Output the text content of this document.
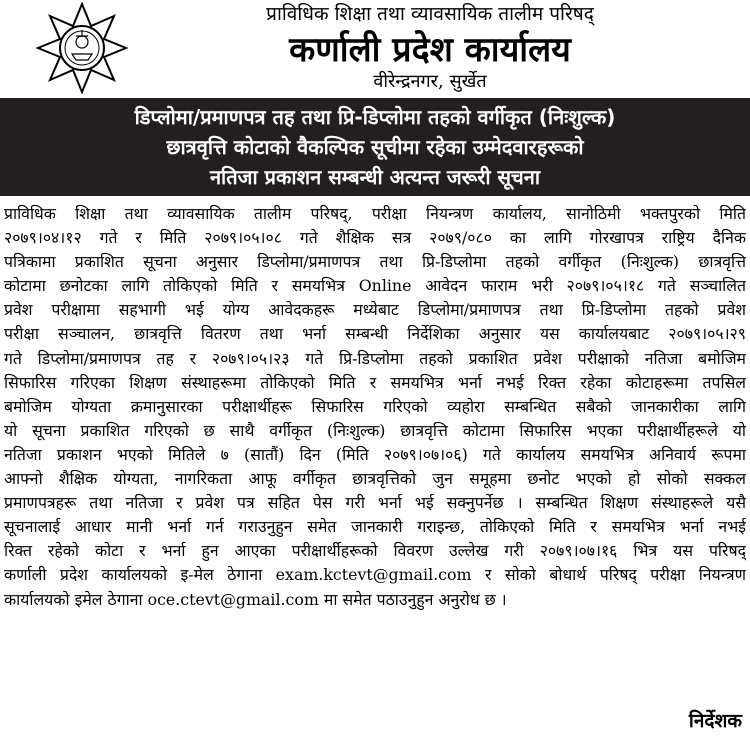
प्राविधिक शिक्षा तथा व्यावसायिक तालीम परिषद्
कर्णाली प्रदेश कार्यालय
वीरेन्द्रनगर, सुर्खेत
डिप्लोमा/प्रमाणपत्र तह तथा प्रि-डिप्लोमा तहको वर्गीकृत (निःशुल्क)
छात्रवृत्ति कोटाको वैकल्पिक सूचीमा रहेका उम्मेदवारहरूको
नतिजा प्रकाशन सम्बन्धी अत्यन्त जरूरी सूचना
प्राविधिक शिक्षा तथा व्यावसायिक तालीम परिषद्, परीक्षा नियन्त्रण कार्यालय, सानोठिमी भक्तपुरको मिति
२०७९।०४।१२ गते र मिति २०७९।०५।०८ गते शैक्षिक सत्र २०७९/०८० का लागि गोरखापत्र राष्ट्रिय दैनिक
पत्रिकामा प्रकाशित सूचना अनुसार डिप्लोमा/प्रमाणपत्र तथा प्रि-डिप्लोमा तहको वर्गीकृत (निःशुल्क) छात्रवृत्ति
कोटामा छनोटका लागि तोकिएको मिति र समयभित्र Online आवेदन फाराम भरी २०७९।०५।१८ गते सञ्चालित
प्रवेश परीक्षामा सहभागी भई योग्य आवेदकहरू मध्येबाट डिप्लोमा/प्रमाणपत्र तथा प्रि-डिप्लोमा तहको प्रवेश
परीक्षा सञ्चालन, छात्रवृत्ति वितरण तथा भर्ना सम्बन्धी निर्देशिका अनुसार यस कार्यालयबाट २०७९।०५।२९
गते डिप्लोमा/प्रमाणपत्र तह र २०७९।०५।२३ गते प्रि-डिप्लोमा तहको प्रकाशित प्रवेश परीक्षाको नतिजा बमोजिम
सिफारिस गरिएका शिक्षण संस्थाहरूमा तोकिएको मिति र समयभित्र भर्ना नभई रिक्त रहेका कोटाहरूमा तपसिल
बमोजिम योग्यता क्रमानुसारका परीक्षार्थीहरू सिफारिस गरिएको व्यहोरा सम्बन्धित सबैको जानकारीका लागि
यो सूचना प्रकाशित गरिएको छ साथै वर्गीकृत (निःशुल्क) छात्रवृत्ति कोटामा सिफारिस भएका परीक्षार्थीहरूले यो
नतिजा प्रकाशन भएको मितिले ७ (सातौं) दिन (मिति २०७९।०७।०६) गते कार्यालय समयभित्र अनिवार्य रूपमा
आफ्नो शैक्षिक योग्यता, नागरिकता आफू वर्गीकृत छात्रवृत्तिको जुन समूहमा छनोट भएको हो सोको सक्कल
प्रमाणपत्रहरू तथा नतिजा र प्रवेश पत्र सहित पेस गरी भर्ना भई सक्नुपर्नेछ । सम्बन्धित शिक्षण संस्थाहरूले यसै
सूचनालाई आधार मानी भर्ना गर्न गराउनुहुन समेत जानकारी गराइन्छ, तोकिएको मिति र समयभित्र भर्ना नभई
रिक्त रहेको कोटा र भर्ना हुन आएका परीक्षार्थीहरूको विवरण उल्लेख गरी २०७९।०७।१६ भित्र यस परिषद्
कर्णाली प्रदेश कार्यालयको इ-मेल ठेगाना exam.kctevt@gmail.com र सोको बोधार्थ परिषद् परीक्षा नियन्त्रण
कार्यालयको इमेल ठेगाना oce.ctevt@gmail.com मा समेत पठाउनुहुन अनुरोध छ ।
निर्देशक
